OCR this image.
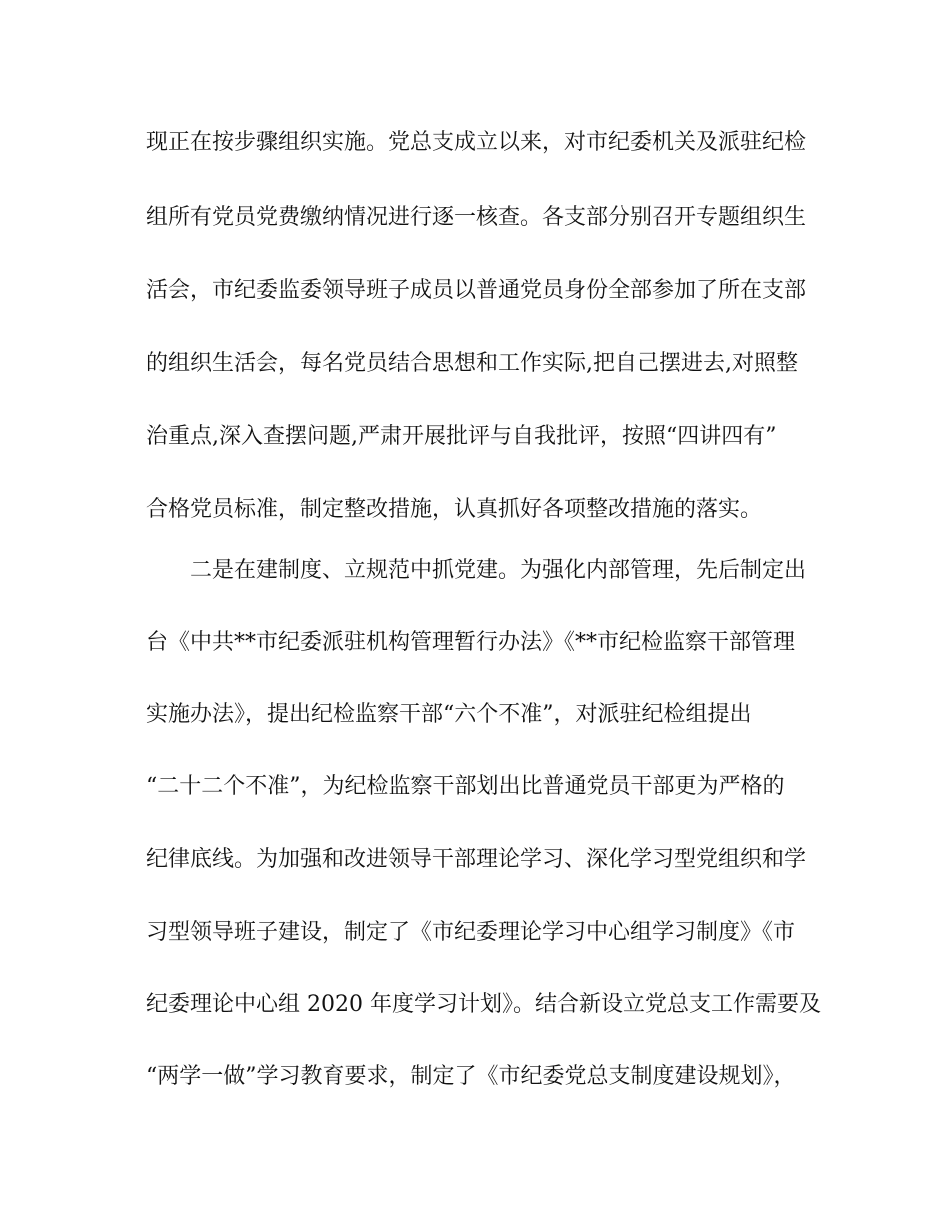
现正在按步骤组织实施。党总支成立以来，对市纪委机关及派驻纪检
组所有党员党费缴纳情况进行逐一核查。各支部分别召开专题组织生
活会，市纪委监委领导班子成员以普通党员身份全部参加了所在支部
的组织生活会，每名党员结合思想和工作实际,把自己摆进去,对照整
治重点,深入查摆问题,严肃开展批评与自我批评，按照“四讲四有”
合格党员标准，制定整改措施，认真抓好各项整改措施的落实。
二是在建制度、立规范中抓党建。为强化内部管理，先后制定出
台《中共**市纪委派驻机构管理暂行办法》《**市纪检监察干部管理
实施办法》，提出纪检监察干部“六个不准”，对派驻纪检组提出
“二十二个不准”，为纪检监察干部划出比普通党员干部更为严格的
纪律底线。为加强和改进领导干部理论学习、深化学习型党组织和学
习型领导班子建设，制定了《市纪委理论学习中心组学习制度》《市
纪委理论中心组 2020 年度学习计划》。结合新设立党总支工作需要及
“两学一做”学习教育要求，制定了《市纪委党总支制度建设规划》，
